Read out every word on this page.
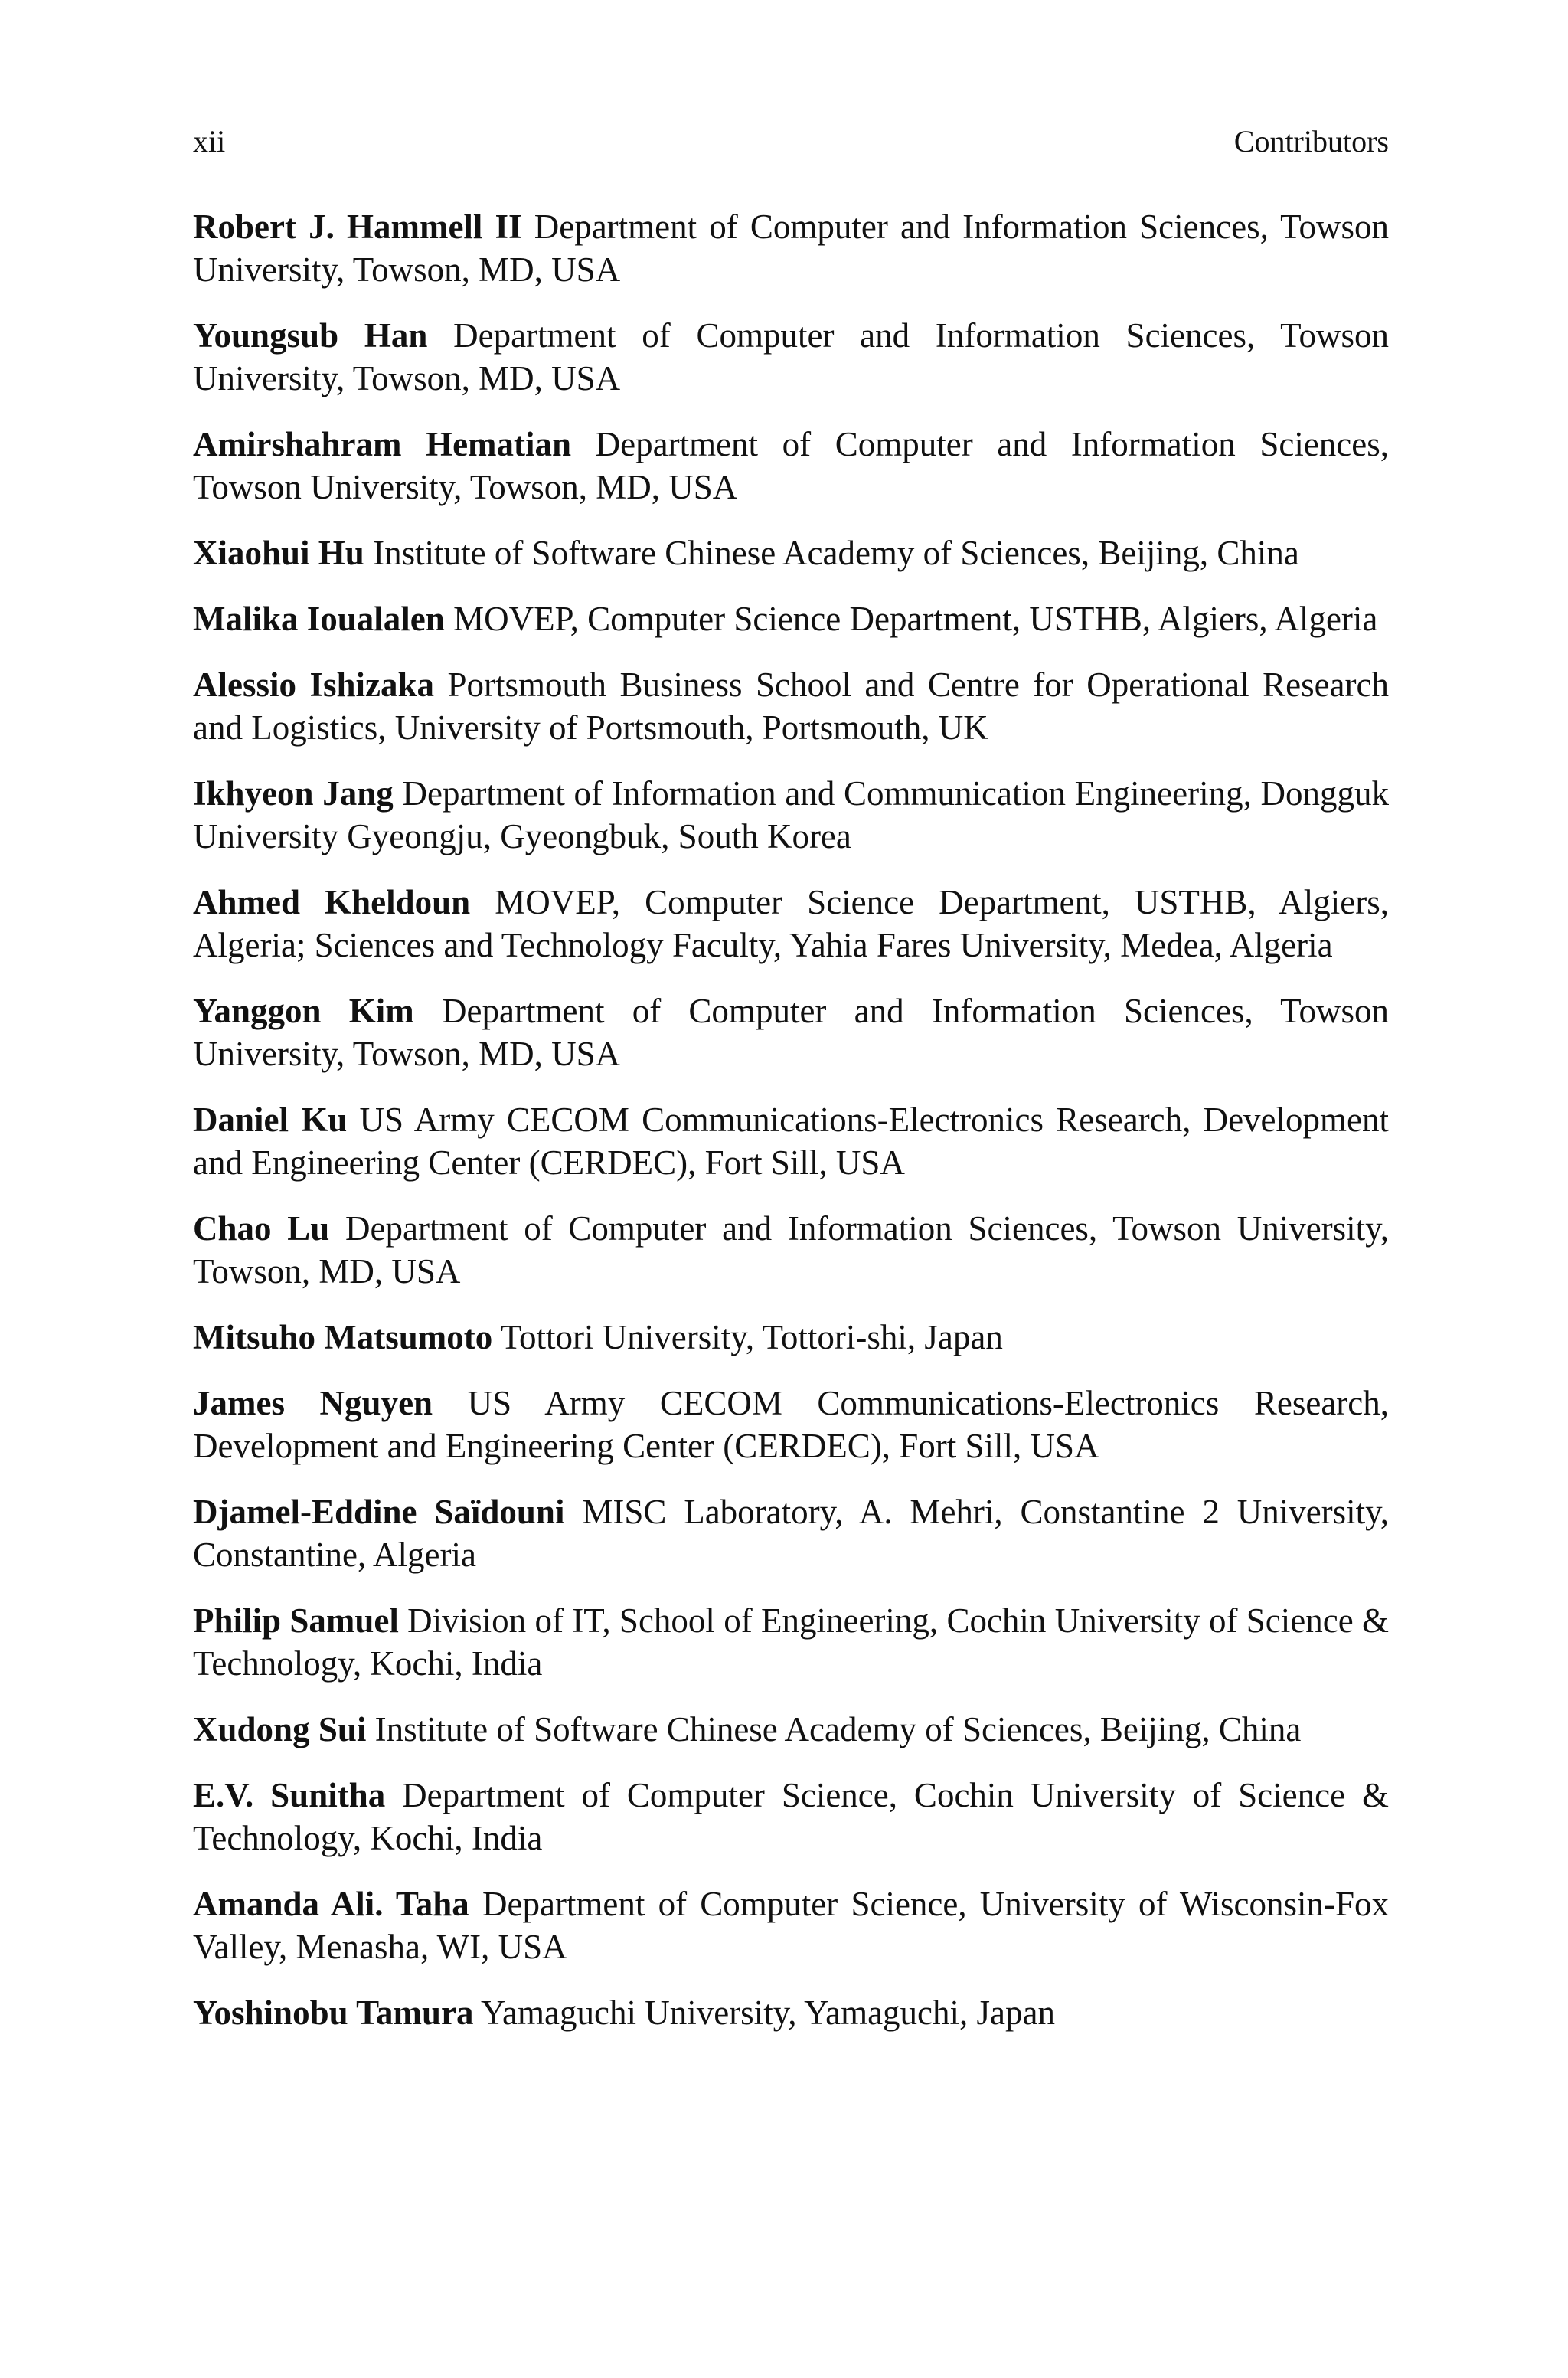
xii	Contributors

Robert J. Hammell II Department of Computer and Information Sciences, Towson University, Towson, MD, USA

Youngsub Han Department of Computer and Information Sciences, Towson University, Towson, MD, USA

Amirshahram Hematian Department of Computer and Information Sciences, Towson University, Towson, MD, USA

Xiaohui Hu Institute of Software Chinese Academy of Sciences, Beijing, China

Malika Ioualalen MOVEP, Computer Science Department, USTHB, Algiers, Algeria

Alessio Ishizaka Portsmouth Business School and Centre for Operational Research and Logistics, University of Portsmouth, Portsmouth, UK

Ikhyeon Jang Department of Information and Communication Engineering, Dongguk University Gyeongju, Gyeongbuk, South Korea

Ahmed Kheldoun MOVEP, Computer Science Department, USTHB, Algiers, Algeria; Sciences and Technology Faculty, Yahia Fares University, Medea, Algeria

Yanggon Kim Department of Computer and Information Sciences, Towson University, Towson, MD, USA

Daniel Ku US Army CECOM Communications-Electronics Research, Development and Engineering Center (CERDEC), Fort Sill, USA

Chao Lu Department of Computer and Information Sciences, Towson University, Towson, MD, USA

Mitsuho Matsumoto Tottori University, Tottori-shi, Japan

James Nguyen US Army CECOM Communications-Electronics Research, Development and Engineering Center (CERDEC), Fort Sill, USA

Djamel-Eddine Saïdouni MISC Laboratory, A. Mehri, Constantine 2 University, Constantine, Algeria

Philip Samuel Division of IT, School of Engineering, Cochin University of Science & Technology, Kochi, India

Xudong Sui Institute of Software Chinese Academy of Sciences, Beijing, China

E.V. Sunitha Department of Computer Science, Cochin University of Science & Technology, Kochi, India

Amanda Ali. Taha Department of Computer Science, University of Wisconsin-Fox Valley, Menasha, WI, USA

Yoshinobu Tamura Yamaguchi University, Yamaguchi, Japan
